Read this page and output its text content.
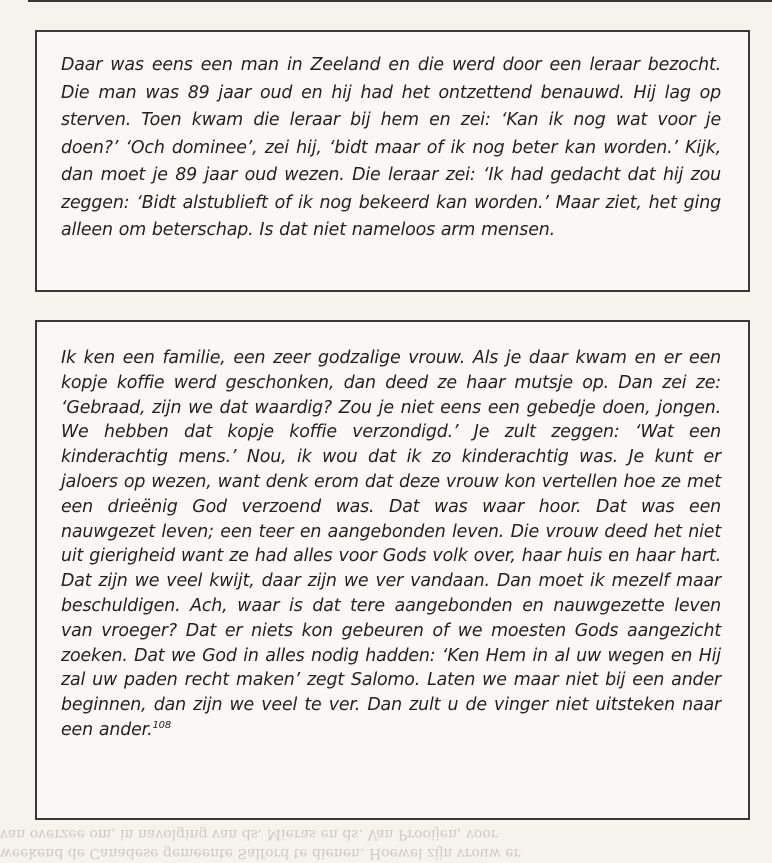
Daar was eens een man in Zeeland en die werd door een leraar bezocht. Die man was 89 jaar oud en hij had het ontzettend benauwd. Hij lag op sterven. Toen kwam die leraar bij hem en zei: ‘Kan ik nog wat voor je doen?’ ‘Och dominee’, zei hij, ‘bidt maar of ik nog beter kan worden.’ Kijk, dan moet je 89 jaar oud wezen. Die leraar zei: ‘Ik had gedacht dat hij zou zeggen: ‘Bidt alstublieft of ik nog bekeerd kan worden.’ Maar ziet, het ging alleen om beterschap. Is dat niet nameloos arm mensen.

Ik ken een familie, een zeer godzalige vrouw. Als je daar kwam en er een kopje koffie werd geschonken, dan deed ze haar mutsje op. Dan zei ze: ‘Gebraad, zijn we dat waardig? Zou je niet eens een gebedje doen, jongen. We hebben dat kopje koffie verzondigd.’ Je zult zeggen: ‘Wat een kinderachtig mens.’ Nou, ik wou dat ik zo kinderachtig was. Je kunt er jaloers op wezen, want denk erom dat deze vrouw kon vertellen hoe ze met een drieënig God verzoend was. Dat was waar hoor. Dat was een nauwgezet leven; een teer en aangebonden leven. Die vrouw deed het niet uit gierigheid want ze had alles voor Gods volk over, haar huis en haar hart. Dat zijn we veel kwijt, daar zijn we ver vandaan. Dan moet ik mezelf maar beschuldigen. Ach, waar is dat tere aangebonden en nauwgezette leven van vroeger? Dat er niets kon gebeuren of we moesten Gods aangezicht zoeken. Dat we God in alles nodig hadden: ‘Ken Hem in al uw wegen en Hij zal uw paden recht maken’ zegt Salomo. Laten we maar niet bij een ander beginnen, dan zijn we veel te ver. Dan zult u de vinger niet uitsteken naar een ander.$^{108}$

van overzee om, in navolging van ds. Mieras en ds. Van Prooijen, voor
weekend de Canadese gemeente Salford te dienen. Hoewel zijn vrouw er
